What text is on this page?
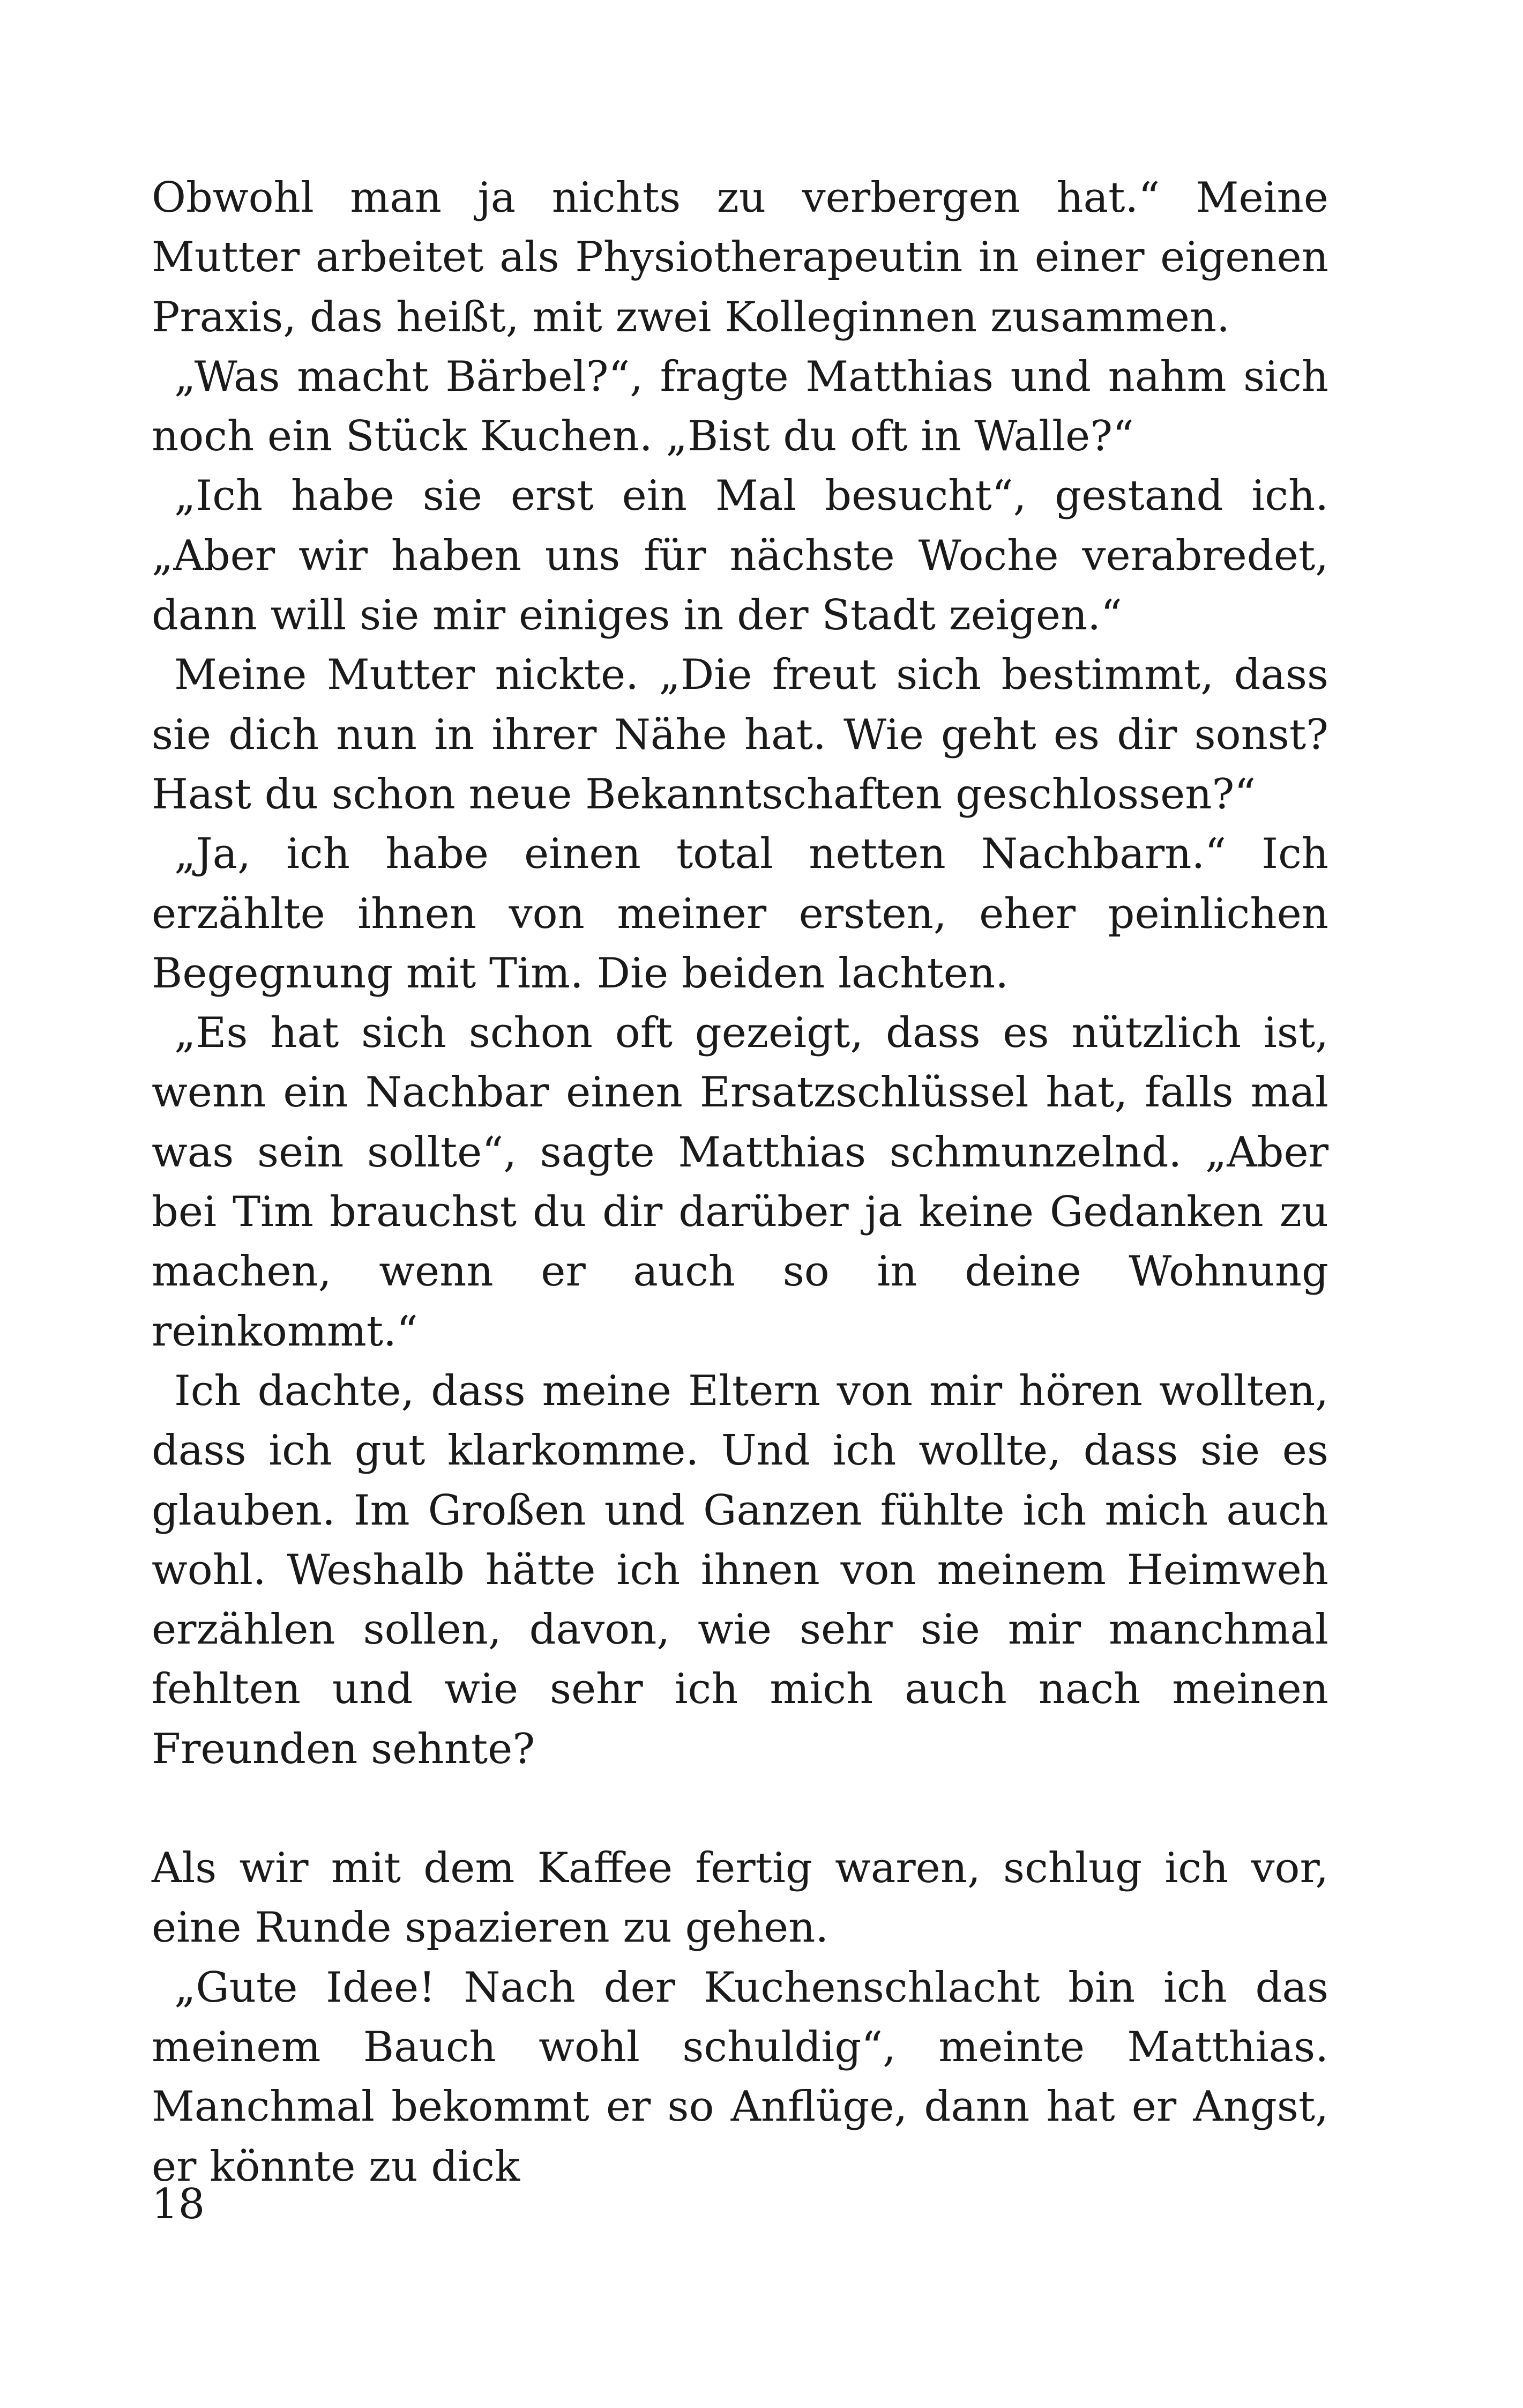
Obwohl man ja nichts zu verbergen hat.“ Meine Mutter arbeitet als Physiotherapeutin in einer eigenen Praxis, das heißt, mit zwei Kolleginnen zusammen.

„Was macht Bärbel?“, fragte Matthias und nahm sich noch ein Stück Kuchen. „Bist du oft in Walle?“

„Ich habe sie erst ein Mal besucht“, gestand ich. „Aber wir haben uns für nächste Woche verabredet, dann will sie mir einiges in der Stadt zeigen.“

Meine Mutter nickte. „Die freut sich bestimmt, dass sie dich nun in ihrer Nähe hat. Wie geht es dir sonst? Hast du schon neue Bekanntschaften geschlossen?“

„Ja, ich habe einen total netten Nachbarn.“ Ich erzählte ihnen von meiner ersten, eher peinlichen Begegnung mit Tim. Die beiden lachten.

„Es hat sich schon oft gezeigt, dass es nützlich ist, wenn ein Nachbar einen Ersatzschlüssel hat, falls mal was sein sollte“, sagte Matthias schmunzelnd. „Aber bei Tim brauchst du dir darüber ja keine Gedanken zu machen, wenn er auch so in deine Wohnung reinkommt.“

Ich dachte, dass meine Eltern von mir hören wollten, dass ich gut klarkomme. Und ich wollte, dass sie es glauben. Im Großen und Ganzen fühlte ich mich auch wohl. Weshalb hätte ich ihnen von meinem Heimweh erzählen sollen, davon, wie sehr sie mir manchmal fehlten und wie sehr ich mich auch nach meinen Freunden sehnte?

Als wir mit dem Kaffee fertig waren, schlug ich vor, eine Runde spazieren zu gehen.

„Gute Idee! Nach der Kuchenschlacht bin ich das meinem Bauch wohl schuldig“, meinte Matthias. Manchmal bekommt er so Anflüge, dann hat er Angst, er könnte zu dick

18
